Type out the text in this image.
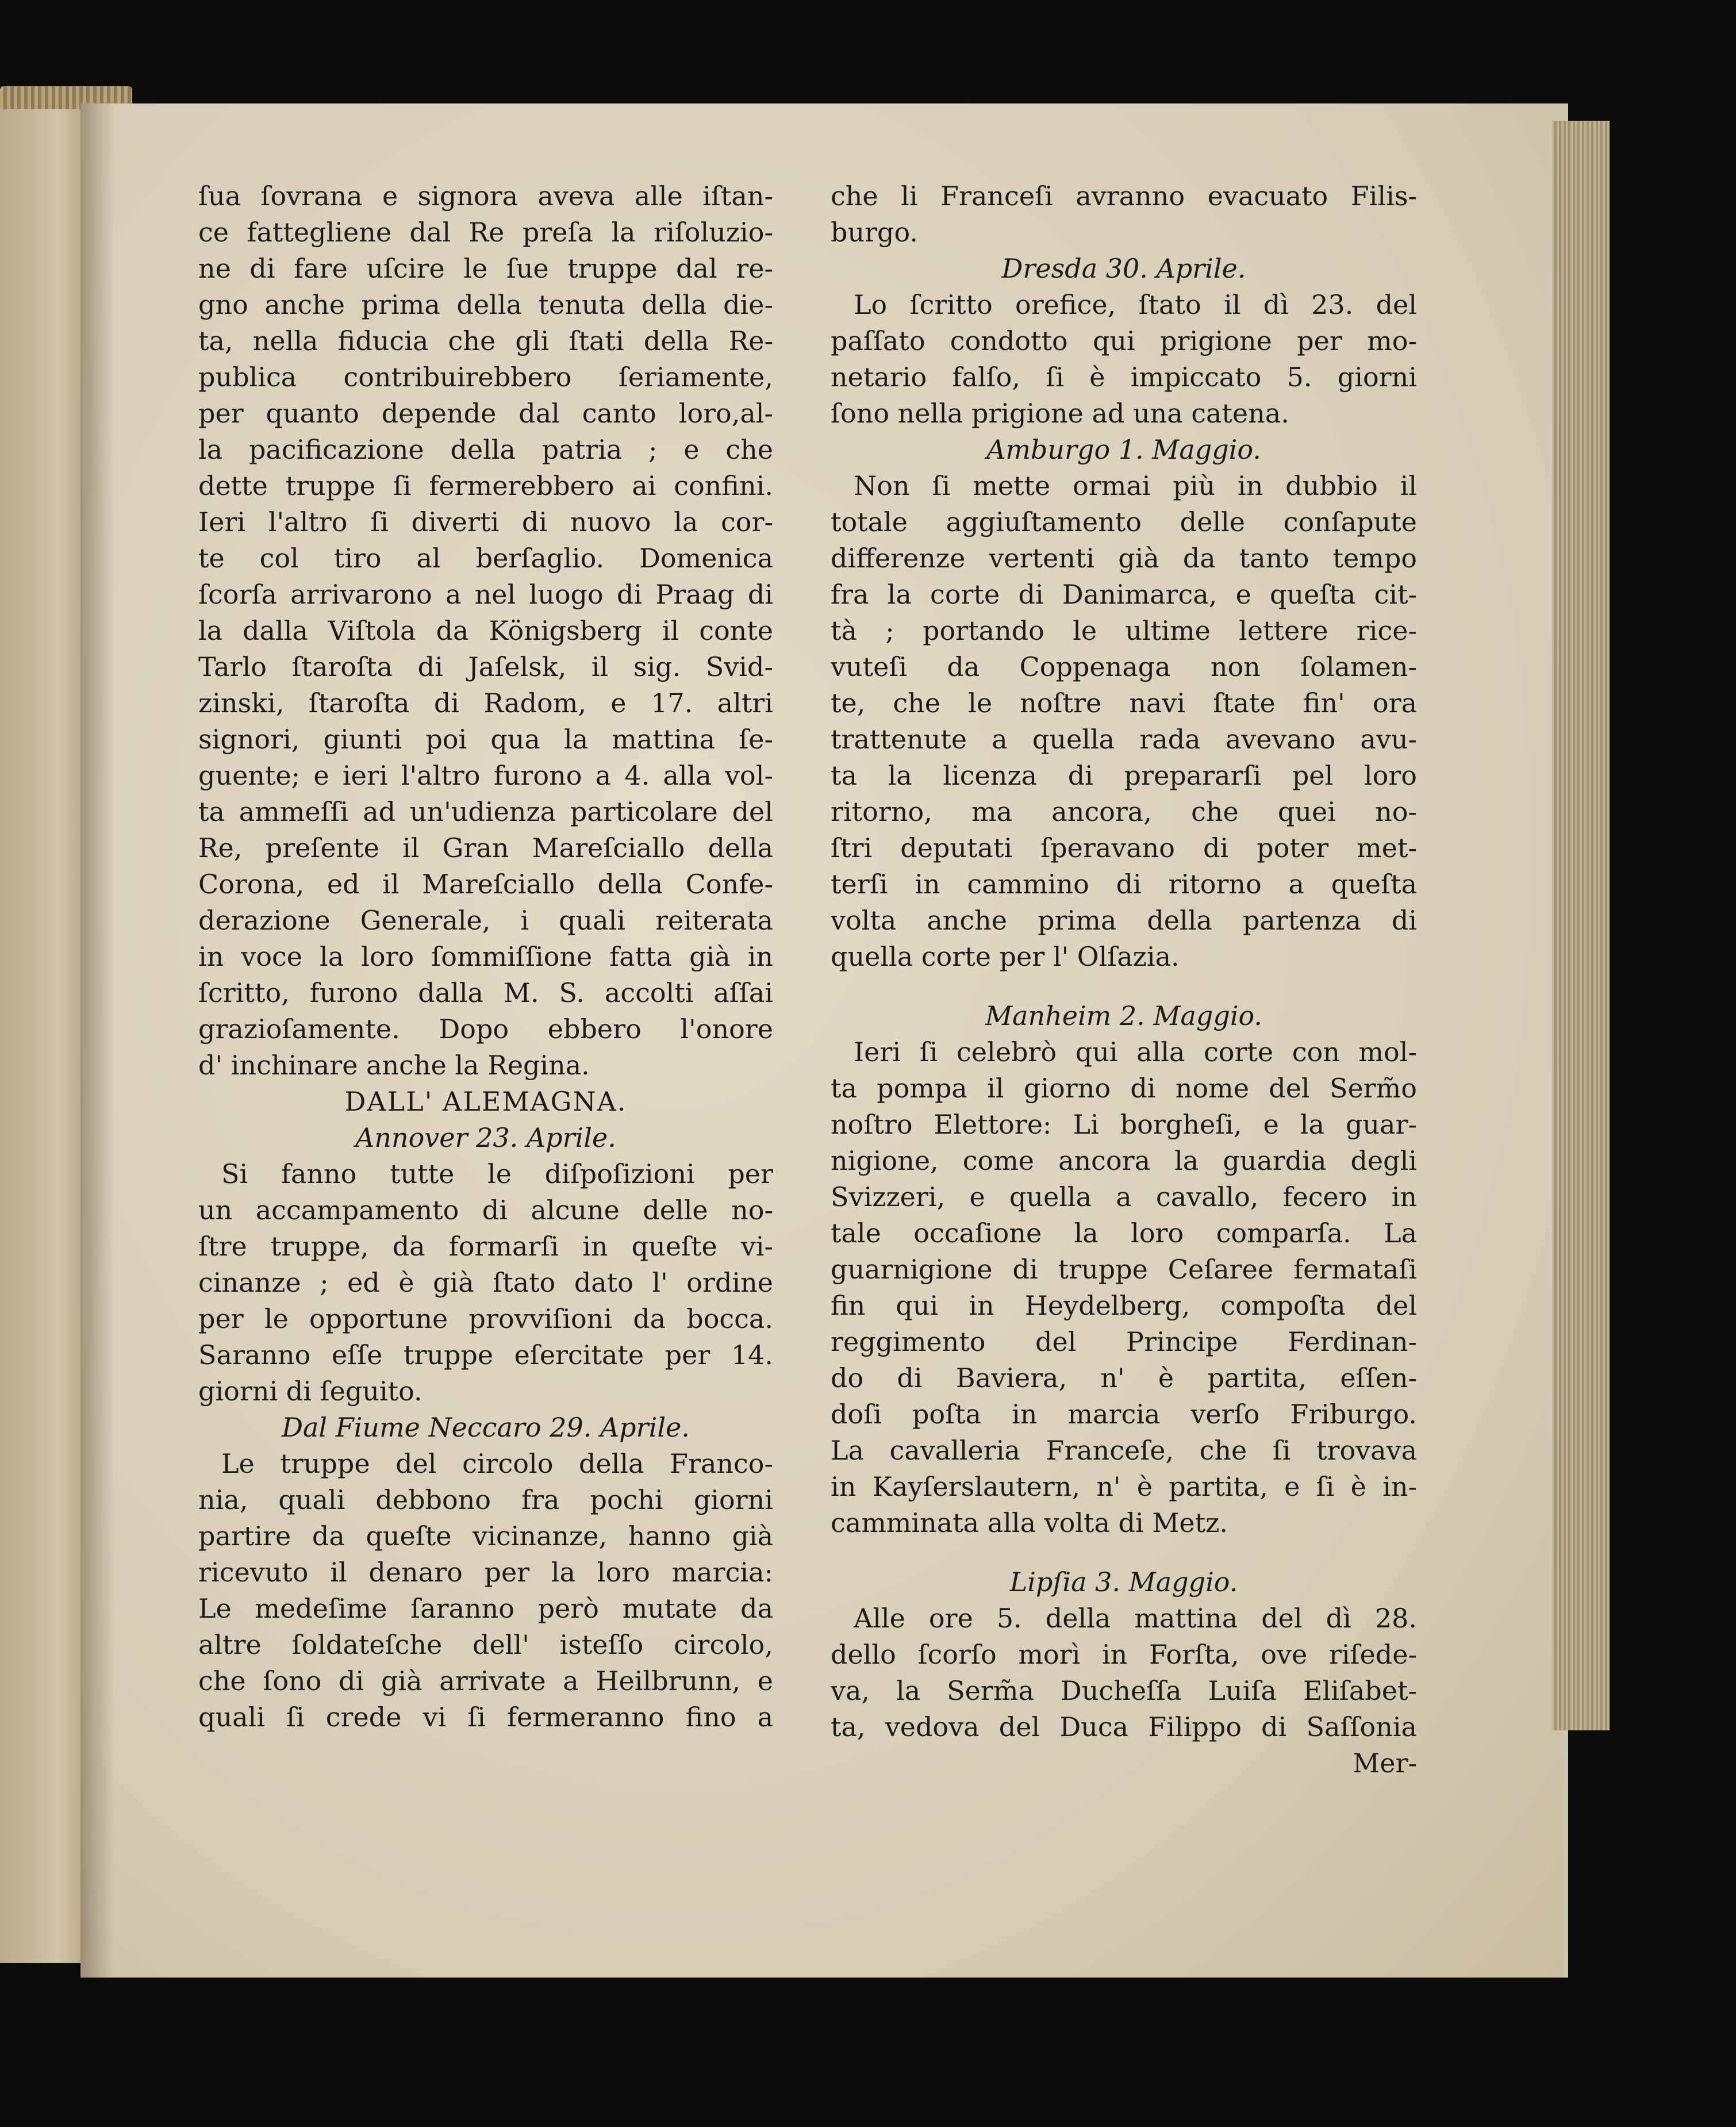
ſua ſovrana e signora aveva alle iſtan-
ce fattegliene dal Re preſa la riſoluzio-
ne di fare uſcire le ſue truppe dal re-
gno anche prima della tenuta della die-
ta, nella fiducia che gli ſtati della Re-
publica contribuirebbero ſeriamente,
per quanto depende dal canto loro,al-
la pacificazione della patria ; e che
dette truppe ſi fermerebbero ai confini.
Ieri l'altro ſi diverti di nuovo la cor-
te col tiro al berſaglio. Domenica
ſcorſa arrivarono a nel luogo di Praag di
la dalla Viſtola da Königsberg il conte
Tarlo ſtaroſta di Jaſelsk, il sig. Svid-
zinski, ſtaroſta di Radom, e 17. altri
signori, giunti poi qua la mattina ſe-
guente; e ieri l'altro furono a 4. alla vol-
ta ammeſſi ad un'udienza particolare del
Re, preſente il Gran Mareſciallo della
Corona, ed il Mareſciallo della Confe-
derazione Generale, i quali reiterata
in voce la loro ſommiſſione fatta già in
ſcritto, furono dalla M. S. accolti aſſai
grazioſamente. Dopo ebbero l'onore
d' inchinare anche la Regina.
DALL' ALEMAGNA.
Annover 23. Aprile.
Si fanno tutte le diſpoſizioni per
un accampamento di alcune delle no-
ſtre truppe, da formarſi in queſte vi-
cinanze ; ed è già ſtato dato l' ordine
per le opportune provviſioni da bocca.
Saranno eſſe truppe eſercitate per 14.
giorni di ſeguito.
Dal Fiume Neccaro 29. Aprile.
Le truppe del circolo della Franco-
nia, quali debbono fra pochi giorni
partire da queſte vicinanze, hanno già
ricevuto il denaro per la loro marcia:
Le medeſime ſaranno però mutate da
altre ſoldateſche dell' isteſſo circolo,
che ſono di già arrivate a Heilbrunn, e
quali ſi crede vi ſi fermeranno fino a
che li Franceſi avranno evacuato Filis-
burgo.
Dresda 30. Aprile.
Lo ſcritto orefice, ſtato il dì 23. del
paſſato condotto qui prigione per mo-
netario falſo, ſi è impiccato 5. giorni
ſono nella prigione ad una catena.
Amburgo 1. Maggio.
Non ſi mette ormai più in dubbio il
totale aggiuſtamento delle conſapute
differenze vertenti già da tanto tempo
fra la corte di Danimarca, e queſta cit-
tà ; portando le ultime lettere rice-
vuteſi da Coppenaga non ſolamen-
te, che le noſtre navi ſtate fin' ora
trattenute a quella rada avevano avu-
ta la licenza di prepararſi pel loro
ritorno, ma ancora, che quei no-
ſtri deputati ſperavano di poter met-
terſi in cammino di ritorno a queſta
volta anche prima della partenza di
quella corte per l' Olſazia.
Manheim 2. Maggio.
Ieri ſi celebrò qui alla corte con mol-
ta pompa il giorno di nome del Serm̃o
noſtro Elettore: Li borgheſi, e la guar-
nigione, come ancora la guardia degli
Svizzeri, e quella a cavallo, fecero in
tale occaſione la loro comparſa. La
guarnigione di truppe Ceſaree fermataſi
fin qui in Heydelberg, compoſta del
reggimento del Principe Ferdinan-
do di Baviera, n' è partita, eſſen-
doſi poſta in marcia verſo Friburgo.
La cavalleria Franceſe, che ſi trovava
in Kayſerslautern, n' è partita, e ſi è in-
camminata alla volta di Metz.
Lipſia 3. Maggio.
Alle ore 5. della mattina del dì 28.
dello ſcorſo morì in Forſta, ove riſede-
va, la Serm̃a Ducheſſa Luiſa Eliſabet-
ta, vedova del Duca Filippo di Saſſonia
Mer-
